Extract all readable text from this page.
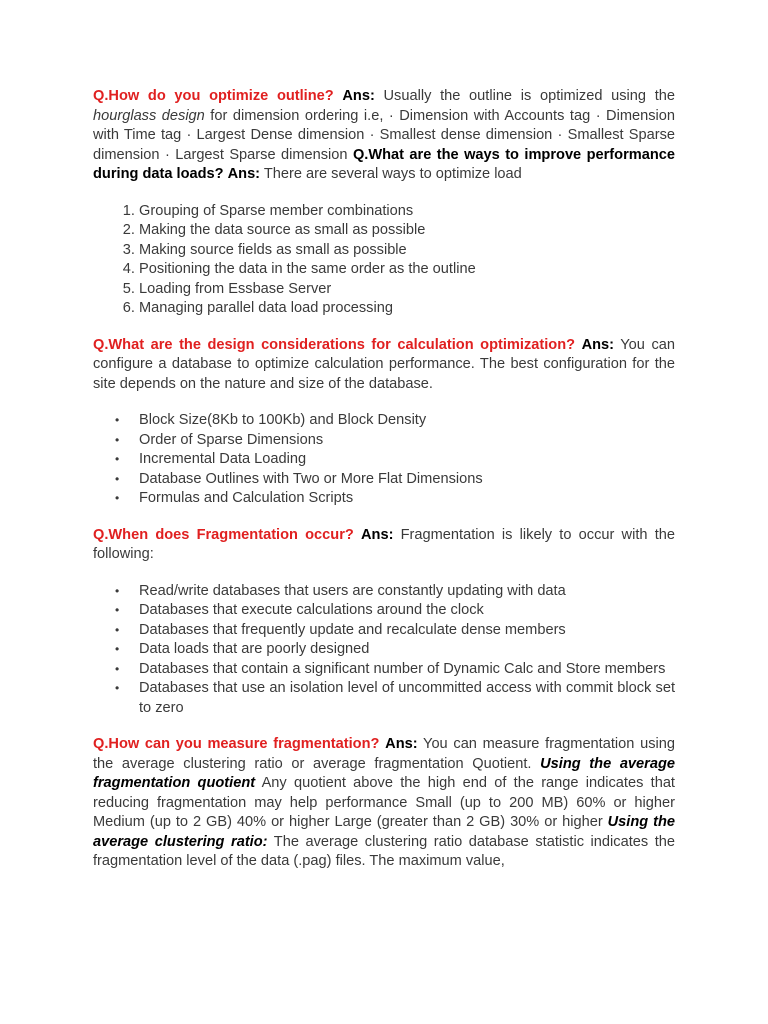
Q.How do you optimize outline? Ans: Usually the outline is optimized using the hourglass design for dimension ordering i.e, · Dimension with Accounts tag · Dimension with Time tag · Largest Dense dimension · Smallest dense dimension · Smallest Sparse dimension · Largest Sparse dimension Q.What are the ways to improve performance during data loads? Ans: There are several ways to optimize load

1. Grouping of Sparse member combinations
2. Making the data source as small as possible
3. Making source fields as small as possible
4. Positioning the data in the same order as the outline
5. Loading from Essbase Server
6. Managing parallel data load processing

Q.What are the design considerations for calculation optimization? Ans: You can configure a database to optimize calculation performance. The best configuration for the site depends on the nature and size of the database.

• Block Size(8Kb to 100Kb) and Block Density
• Order of Sparse Dimensions
• Incremental Data Loading
• Database Outlines with Two or More Flat Dimensions
• Formulas and Calculation Scripts

Q.When does Fragmentation occur? Ans: Fragmentation is likely to occur with the following:

• Read/write databases that users are constantly updating with data
• Databases that execute calculations around the clock
• Databases that frequently update and recalculate dense members
• Data loads that are poorly designed
• Databases that contain a significant number of Dynamic Calc and Store members
• Databases that use an isolation level of uncommitted access with commit block set to zero

Q.How can you measure fragmentation? Ans: You can measure fragmentation using the average clustering ratio or average fragmentation Quotient. Using the average fragmentation quotient Any quotient above the high end of the range indicates that reducing fragmentation may help performance Small (up to 200 MB) 60% or higher Medium (up to 2 GB) 40% or higher Large (greater than 2 GB) 30% or higher Using the average clustering ratio: The average clustering ratio database statistic indicates the fragmentation level of the data (.pag) files. The maximum value,
